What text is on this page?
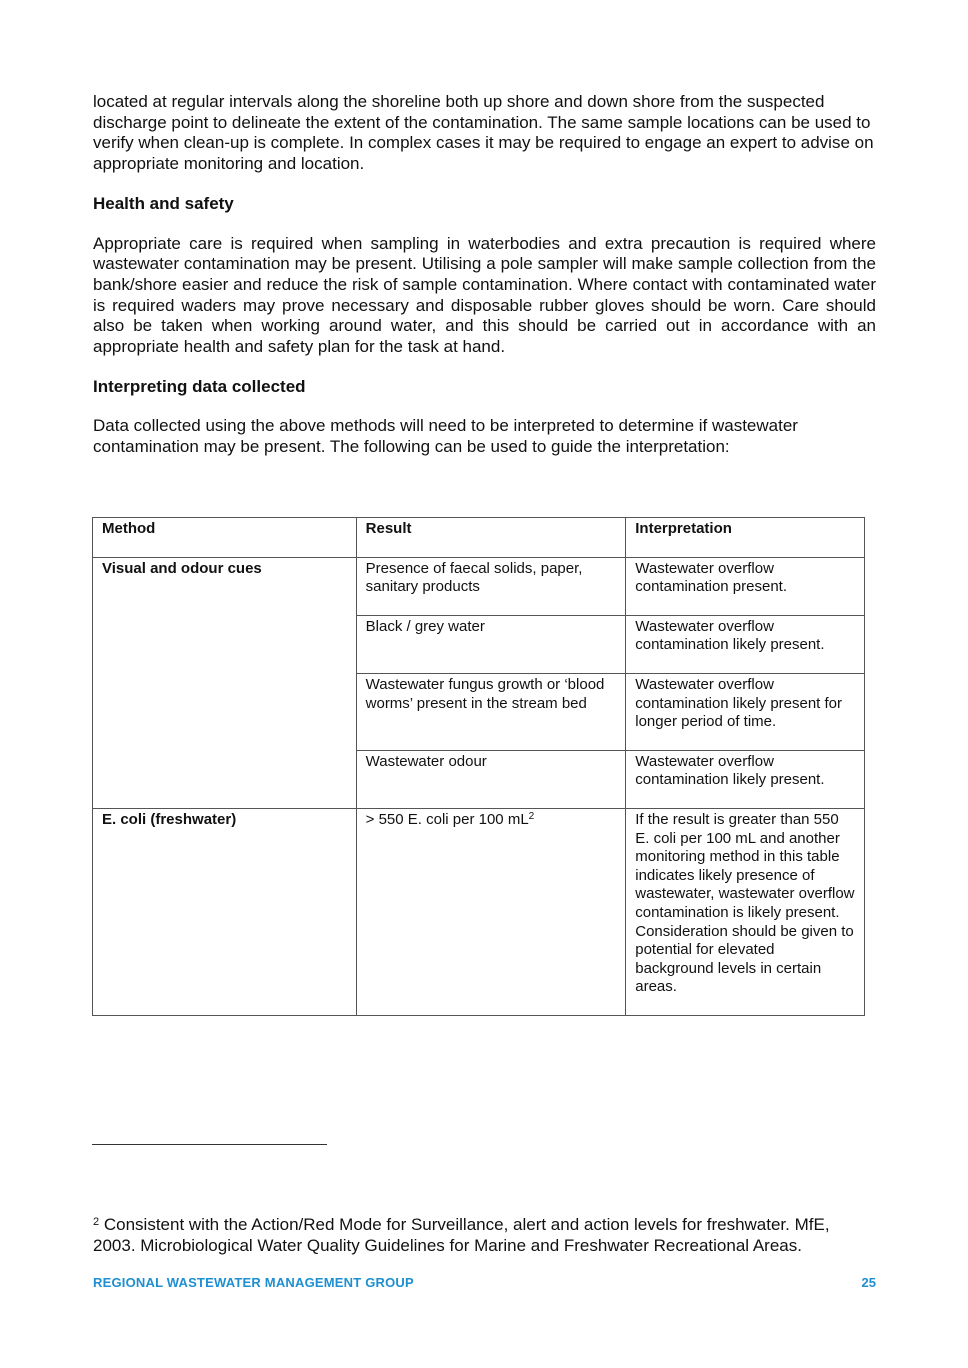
located at regular intervals along the shoreline both up shore and down shore from the suspected discharge point to delineate the extent of the contamination. The same sample locations can be used to verify when clean-up is complete. In complex cases it may be required to engage an expert to advise on appropriate monitoring and location.

Health and safety

Appropriate care is required when sampling in waterbodies and extra precaution is required where wastewater contamination may be present. Utilising a pole sampler will make sample collection from the bank/shore easier and reduce the risk of sample contamination. Where contact with contaminated water is required waders may prove necessary and disposable rubber gloves should be worn. Care should also be taken when working around water, and this should be carried out in accordance with an appropriate health and safety plan for the task at hand.

Interpreting data collected

Data collected using the above methods will need to be interpreted to determine if wastewater contamination may be present. The following can be used to guide the interpretation:

Method	Result	Interpretation
Visual and odour cues	Presence of faecal solids, paper, sanitary products	Wastewater overflow contamination present.
	Black / grey water	Wastewater overflow contamination likely present.
	Wastewater fungus growth or ‘blood worms’ present in the stream bed	Wastewater overflow contamination likely present for longer period of time.
	Wastewater odour	Wastewater overflow contamination likely present.
E. coli (freshwater)	> 550 E. coli per 100 mL$^2$	If the result is greater than 550 E. coli per 100 mL and another monitoring method in this table indicates likely presence of wastewater, wastewater overflow contamination is likely present. Consideration should be given to potential for elevated background levels in certain areas.
$^2$ Consistent with the Action/Red Mode for Surveillance, alert and action levels for freshwater. MfE, 2003. Microbiological Water Quality Guidelines for Marine and Freshwater Recreational Areas.
REGIONAL WASTEWATER MANAGEMENT GROUP	25
